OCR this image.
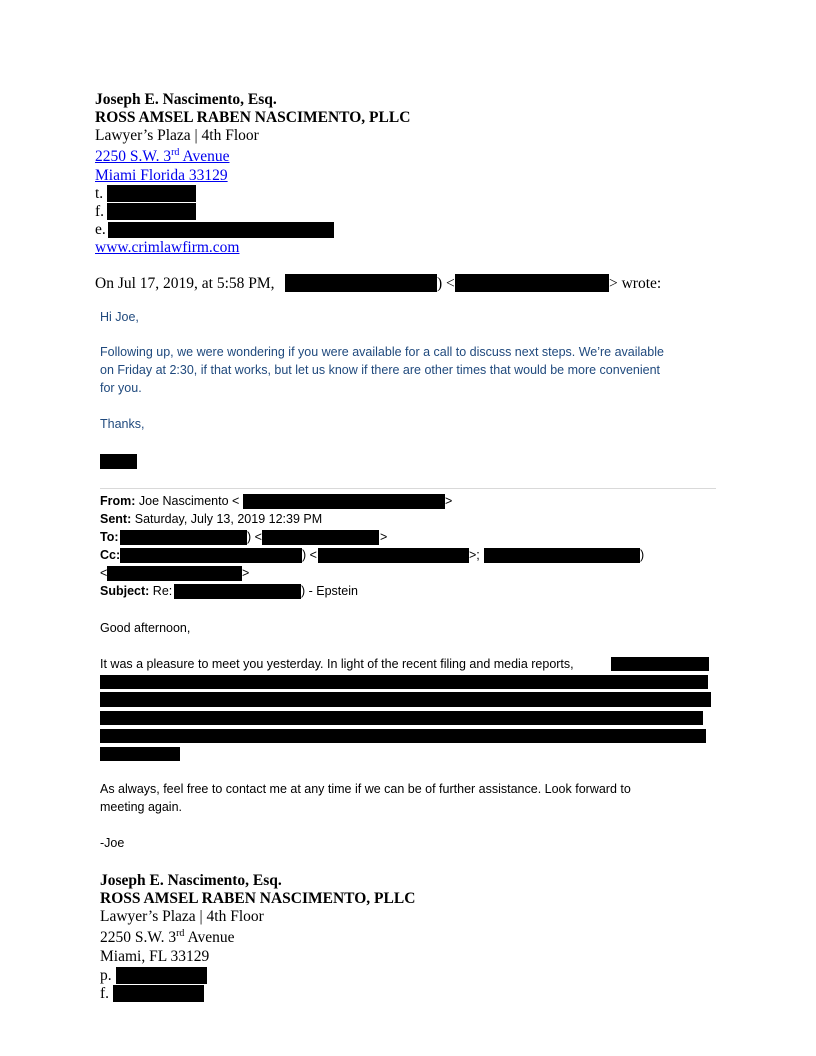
Joseph E. Nascimento, Esq.
ROSS AMSEL RABEN NASCIMENTO, PLLC
Lawyer’s Plaza | 4th Floor
2250 S.W. 3rd Avenue
Miami Florida 33129
t.
f.
e.
www.crimlawfirm.com
On Jul 17, 2019, at 5:58 PM,	) <	> wrote:
Hi Joe,
Following up, we were wondering if you were available for a call to discuss next steps. We’re available
on Friday at 2:30, if that works, but let us know if there are other times that would be more convenient
for you.
Thanks,
From: Joe Nascimento <	>
Sent: Saturday, July 13, 2019 12:39 PM
To:	) <	>
Cc:	) <	>;	)
<	>
Subject: Re:	) - Epstein
Good afternoon,
It was a pleasure to meet you yesterday. In light of the recent filing and media reports,
As always, feel free to contact me at any time if we can be of further assistance. Look forward to
meeting again.
-Joe
Joseph E. Nascimento, Esq.
ROSS AMSEL RABEN NASCIMENTO, PLLC
Lawyer’s Plaza | 4th Floor
2250 S.W. 3rd Avenue
Miami, FL 33129
p.
f.
